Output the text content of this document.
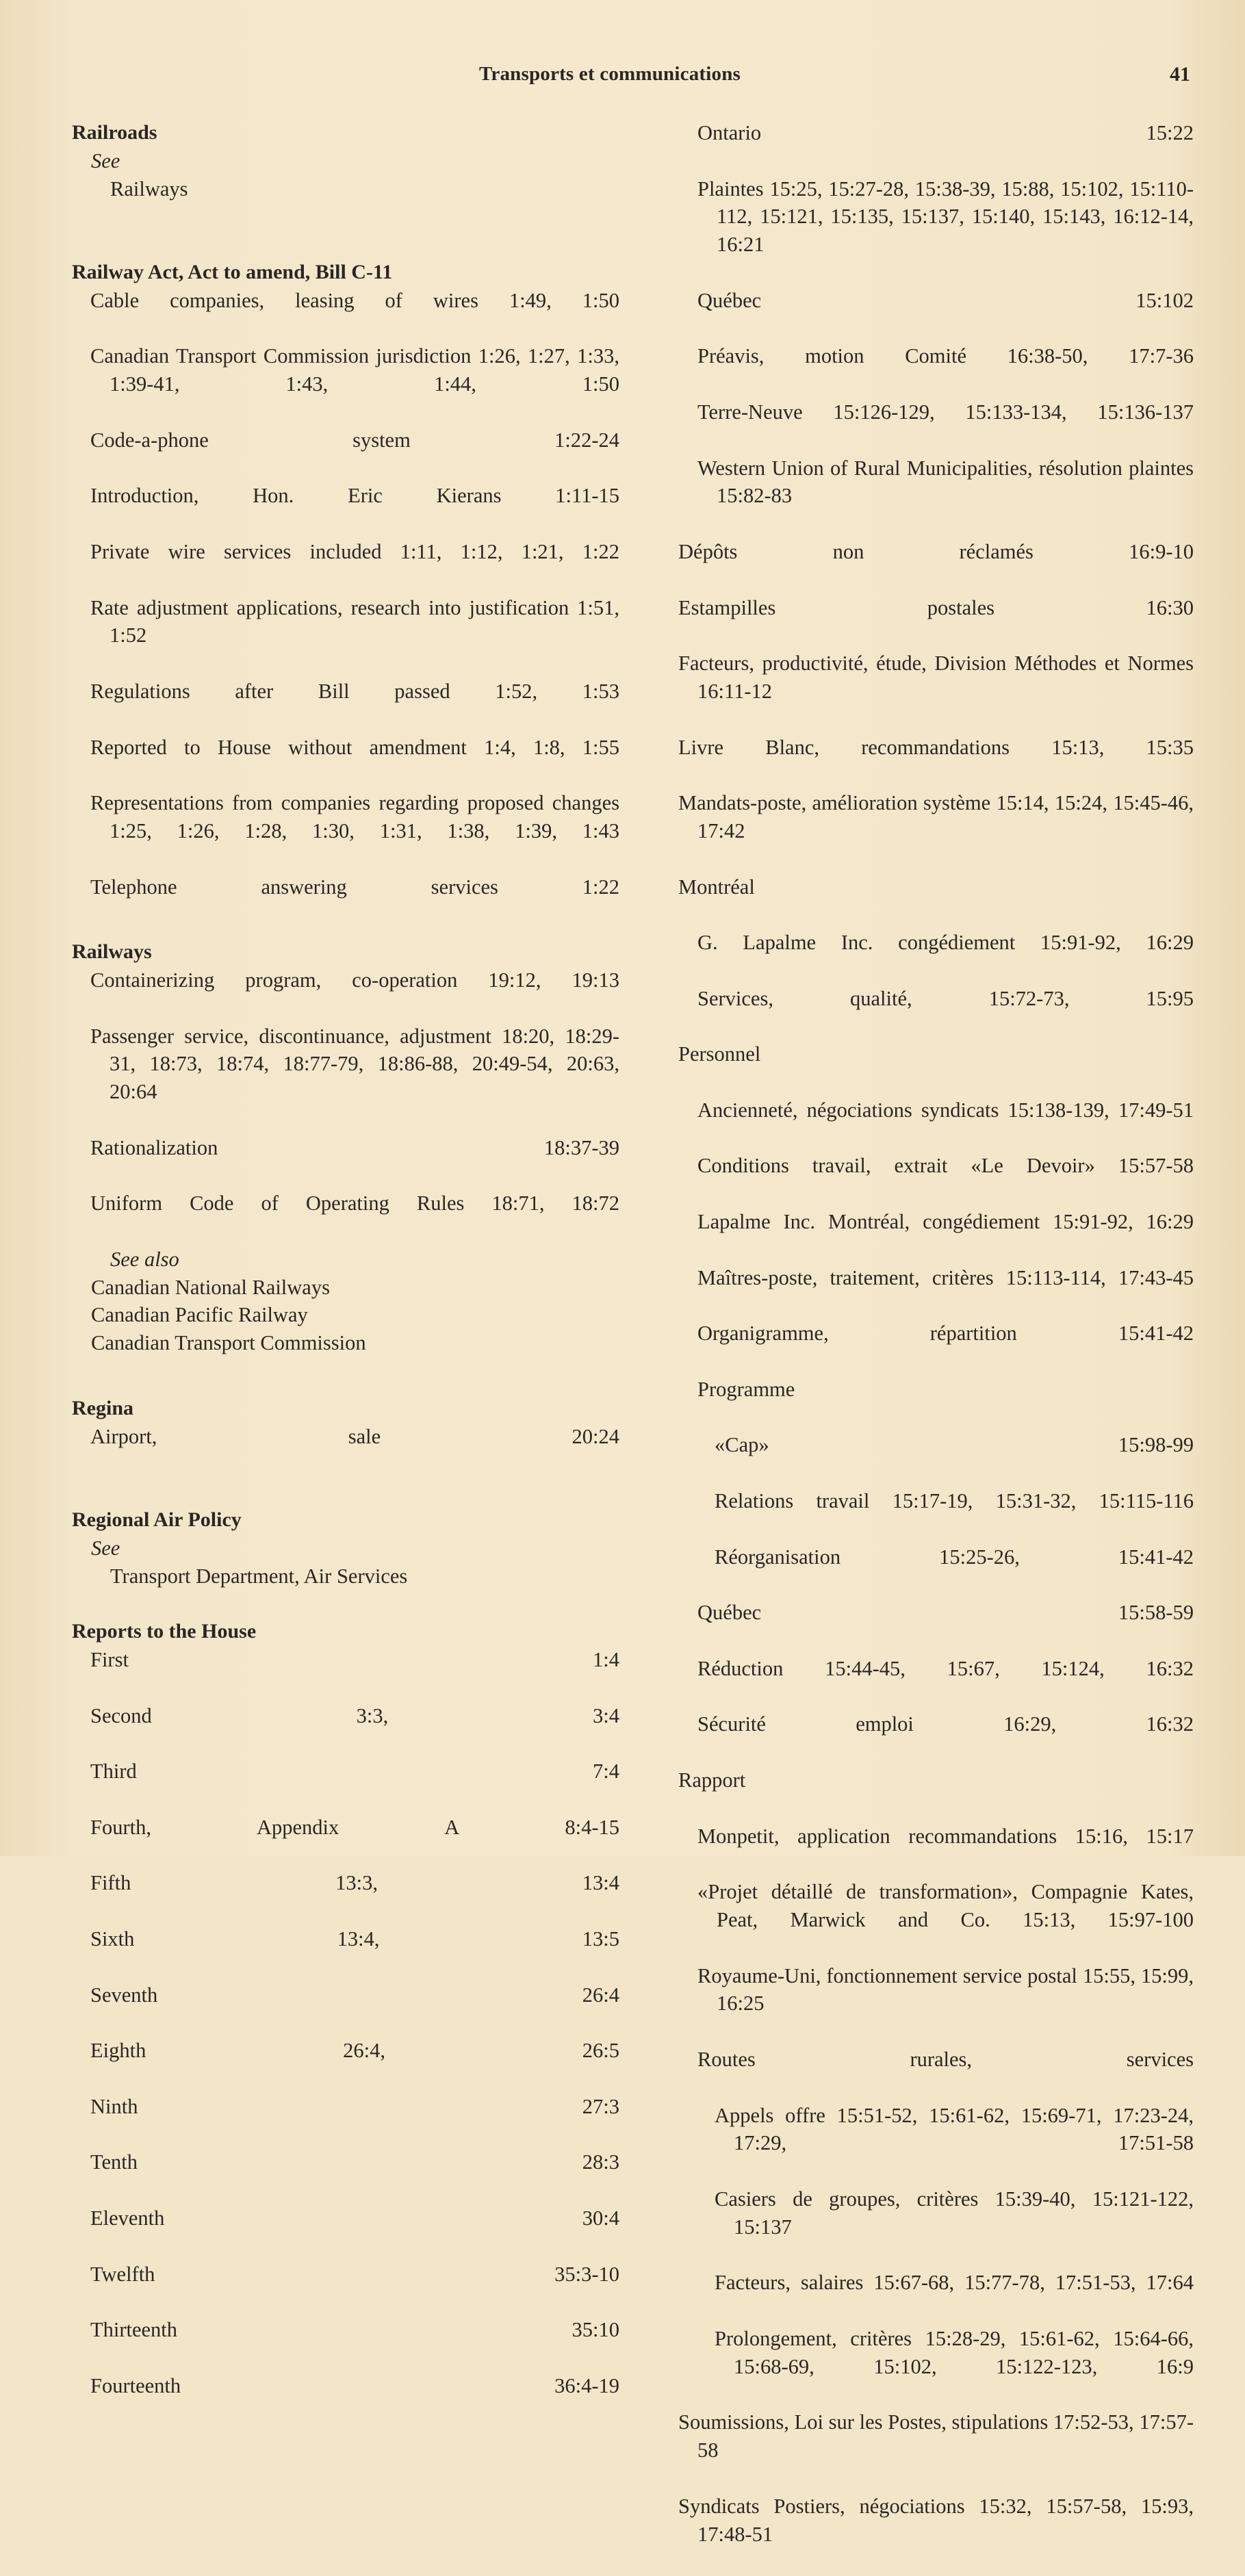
Transports et communications	41
Railroads
See
Railways
Railway Act, Act to amend, Bill C-11
Cable companies, leasing of wires 1:49, 1:50
Canadian Transport Commission jurisdiction 1:26, 1:27, 1:33, 1:39-41, 1:43, 1:44, 1:50
Code-a-phone system 1:22-24
Introduction, Hon. Eric Kierans 1:11-15
Private wire services included 1:11, 1:12, 1:21, 1:22
Rate adjustment applications, research into justification 1:51, 1:52
Regulations after Bill passed 1:52, 1:53
Reported to House without amendment 1:4, 1:8, 1:55
Representations from companies regarding proposed changes 1:25, 1:26, 1:28, 1:30, 1:31, 1:38, 1:39, 1:43
Telephone answering services 1:22
Railways
Containerizing program, co-operation 19:12, 19:13
Passenger service, discontinuance, adjustment 18:20, 18:29-31, 18:73, 18:74, 18:77-79, 18:86-88, 20:49-54, 20:63, 20:64
Rationalization 18:37-39
Uniform Code of Operating Rules 18:71, 18:72
See also
Canadian National Railways
Canadian Pacific Railway
Canadian Transport Commission
Regina
Airport, sale 20:24
Regional Air Policy
See
Transport Department, Air Services
Reports to the House
First 1:4
Second 3:3, 3:4
Third 7:4
Fourth, Appendix A 8:4-15
Fifth 13:3, 13:4
Sixth 13:4, 13:5
Seventh 26:4
Eighth 26:4, 26:5
Ninth 27:3
Tenth 28:3
Eleventh 30:4
Twelfth 35:3-10
Thirteenth 35:10
Fourteenth 36:4-19
Ontario 15:22
Plaintes 15:25, 15:27-28, 15:38-39, 15:88, 15:102, 15:110-112, 15:121, 15:135, 15:137, 15:140, 15:143, 16:12-14, 16:21
Québec 15:102
Préavis, motion Comité 16:38-50, 17:7-36
Terre-Neuve 15:126-129, 15:133-134, 15:136-137
Western Union of Rural Municipalities, résolution plaintes 15:82-83
Dépôts non réclamés 16:9-10
Estampilles postales 16:30
Facteurs, productivité, étude, Division Méthodes et Normes 16:11-12
Livre Blanc, recommandations 15:13, 15:35
Mandats-poste, amélioration système 15:14, 15:24, 15:45-46, 17:42
Montréal
G. Lapalme Inc. congédiement 15:91-92, 16:29
Services, qualité, 15:72-73, 15:95
Personnel
Ancienneté, négociations syndicats 15:138-139, 17:49-51
Conditions travail, extrait «Le Devoir» 15:57-58
Lapalme Inc. Montréal, congédiement 15:91-92, 16:29
Maîtres-poste, traitement, critères 15:113-114, 17:43-45
Organigramme, répartition 15:41-42
Programme
«Cap» 15:98-99
Relations travail 15:17-19, 15:31-32, 15:115-116
Réorganisation 15:25-26, 15:41-42
Québec 15:58-59
Réduction 15:44-45, 15:67, 15:124, 16:32
Sécurité emploi 16:29, 16:32
Rapport
Monpetit, application recommandations 15:16, 15:17
«Projet détaillé de transformation», Compagnie Kates, Peat, Marwick and Co. 15:13, 15:97-100
Royaume-Uni, fonctionnement service postal 15:55, 15:99, 16:25
Routes rurales, services
Appels offre 15:51-52, 15:61-62, 15:69-71, 17:23-24, 17:29, 17:51-58
Casiers de groupes, critères 15:39-40, 15:121-122, 15:137
Facteurs, salaires 15:67-68, 15:77-78, 17:51-53, 17:64
Prolongement, critères 15:28-29, 15:61-62, 15:64-66, 15:68-69, 15:102, 15:122-123, 16:9
Soumissions, Loi sur les Postes, stipulations 17:52-53, 17:57-58
Syndicats Postiers, négociations 15:32, 15:57-58, 15:93, 17:48-51
